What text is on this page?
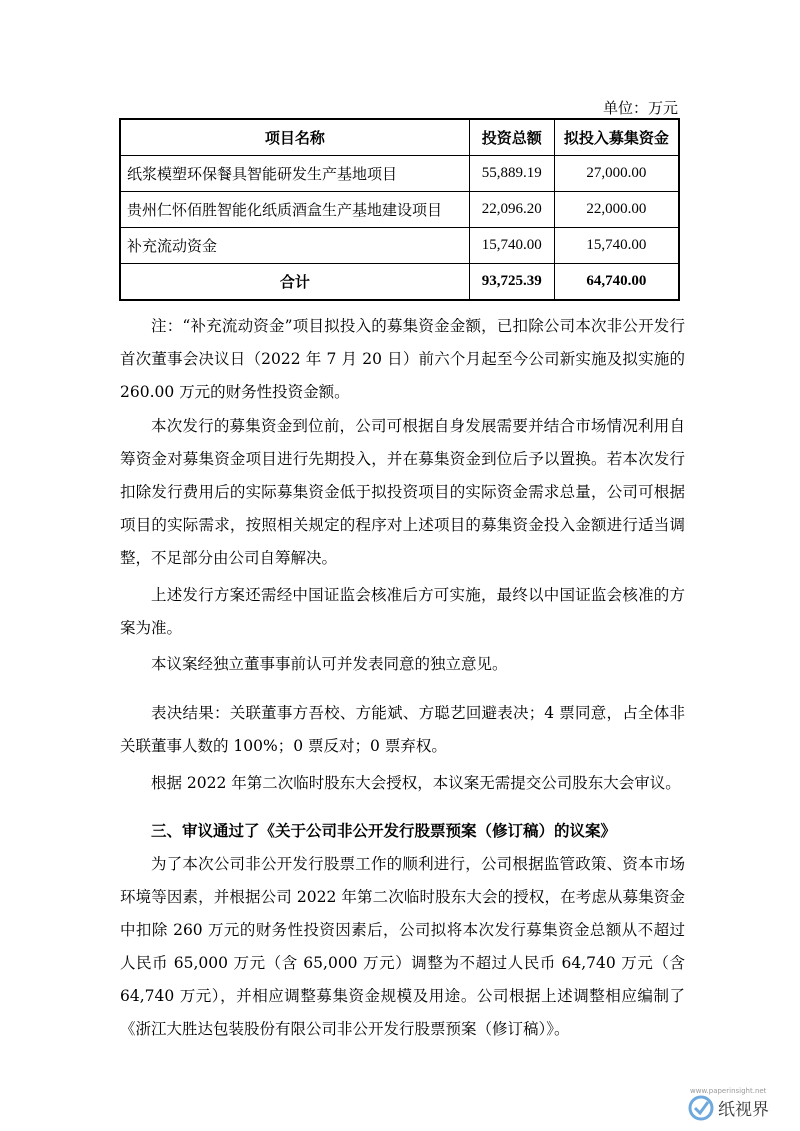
单位：万元
项目名称	投资总额	拟投入募集资金
纸浆模塑环保餐具智能研发生产基地项目	55,889.19	27,000.00
贵州仁怀佰胜智能化纸质酒盒生产基地建设项目	22,096.20	22,000.00
补充流动资金	15,740.00	15,740.00
合计	93,725.39	64,740.00

注：“补充流动资金”项目拟投入的募集资金金额，已扣除公司本次非公开发行首次董事会决议日（2022 年 7 月 20 日）前六个月起至今公司新实施及拟实施的 260.00 万元的财务性投资金额。

本次发行的募集资金到位前，公司可根据自身发展需要并结合市场情况利用自筹资金对募集资金项目进行先期投入，并在募集资金到位后予以置换。若本次发行扣除发行费用后的实际募集资金低于拟投资项目的实际资金需求总量，公司可根据项目的实际需求，按照相关规定的程序对上述项目的募集资金投入金额进行适当调整，不足部分由公司自筹解决。

上述发行方案还需经中国证监会核准后方可实施，最终以中国证监会核准的方案为准。

本议案经独立董事事前认可并发表同意的独立意见。

表决结果：关联董事方吾校、方能斌、方聪艺回避表决；4 票同意，占全体非关联董事人数的 100%；0 票反对；0 票弃权。

根据 2022 年第二次临时股东大会授权，本议案无需提交公司股东大会审议。

三、审议通过了《关于公司非公开发行股票预案（修订稿）的议案》

为了本次公司非公开发行股票工作的顺利进行，公司根据监管政策、资本市场环境等因素，并根据公司 2022 年第二次临时股东大会的授权，在考虑从募集资金中扣除 260 万元的财务性投资因素后，公司拟将本次发行募集资金总额从不超过人民币 65,000 万元（含 65,000 万元）调整为不超过人民币 64,740 万元（含 64,740 万元），并相应调整募集资金规模及用途。公司根据上述调整相应编制了《浙江大胜达包装股份有限公司非公开发行股票预案（修订稿）》。

www.paperinsight.net
纸视界
